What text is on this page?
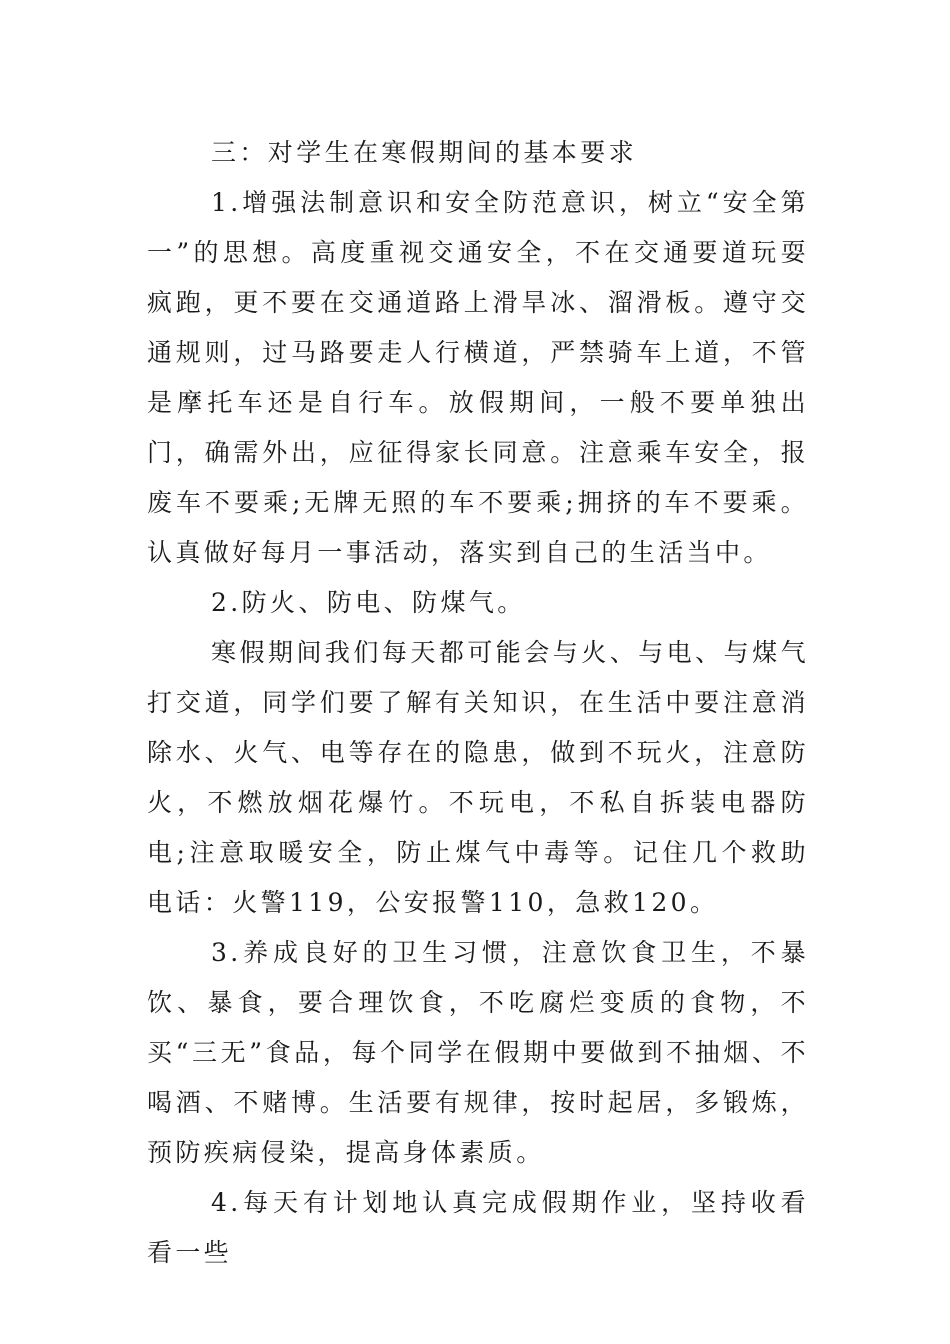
三：对学生在寒假期间的基本要求

1.增强法制意识和安全防范意识，树立“安全第一”的思想。高度重视交通安全，不在交通要道玩耍疯跑，更不要在交通道路上滑旱冰、溜滑板。遵守交通规则，过马路要走人行横道，严禁骑车上道，不管是摩托车还是自行车。放假期间，一般不要单独出门，确需外出，应征得家长同意。注意乘车安全，报废车不要乘;无牌无照的车不要乘;拥挤的车不要乘。认真做好每月一事活动，落实到自己的生活当中。

2.防火、防电、防煤气。

寒假期间我们每天都可能会与火、与电、与煤气打交道，同学们要了解有关知识，在生活中要注意消除水、火气、电等存在的隐患，做到不玩火，注意防火，不燃放烟花爆竹。不玩电，不私自拆装电器防电;注意取暖安全，防止煤气中毒等。记住几个救助电话：火警119，公安报警110，急救120。

3.养成良好的卫生习惯，注意饮食卫生，不暴饮、暴食，要合理饮食，不吃腐烂变质的食物，不买“三无”食品，每个同学在假期中要做到不抽烟、不喝酒、不赌博。生活要有规律，按时起居，多锻炼，预防疾病侵染，提高身体素质。

4.每天有计划地认真完成假期作业，坚持收看看一些
